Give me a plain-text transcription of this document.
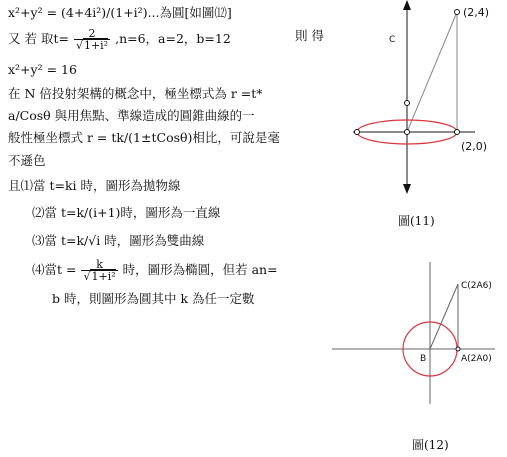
x²+y² = (4+4i²)/(1+i²)...為圓[如圖⑿]
又 若 取$t= \frac{2}{\text{√1+i²}} ,n=6$，a=2，b=12	則 得
x²+y² = 16
在 N 倍投射架構的概念中，極坐標式為 r =t*
a/Cosθ 與用焦點、準線造成的圓錐曲線的一
般性極坐標式 r = tk/(1±tCosθ)相比，可說是毫
不遜色
且⑴當 t=ki 時，圖形為拋物線
⑵當 t=k/(i+1)時，圖形為一直線
⑶當 t=k/√i 時，圖形為雙曲線
⑷當$t = \frac{k}{\text{√1+i²}}$ 時，圖形為橢圓，但若 an=
b 時，則圖形為圓其中 k 為任一定數
C
(2,4)
(2,0)
圖(11)
C(2A6)
A(2A0)
B
圖(12)
